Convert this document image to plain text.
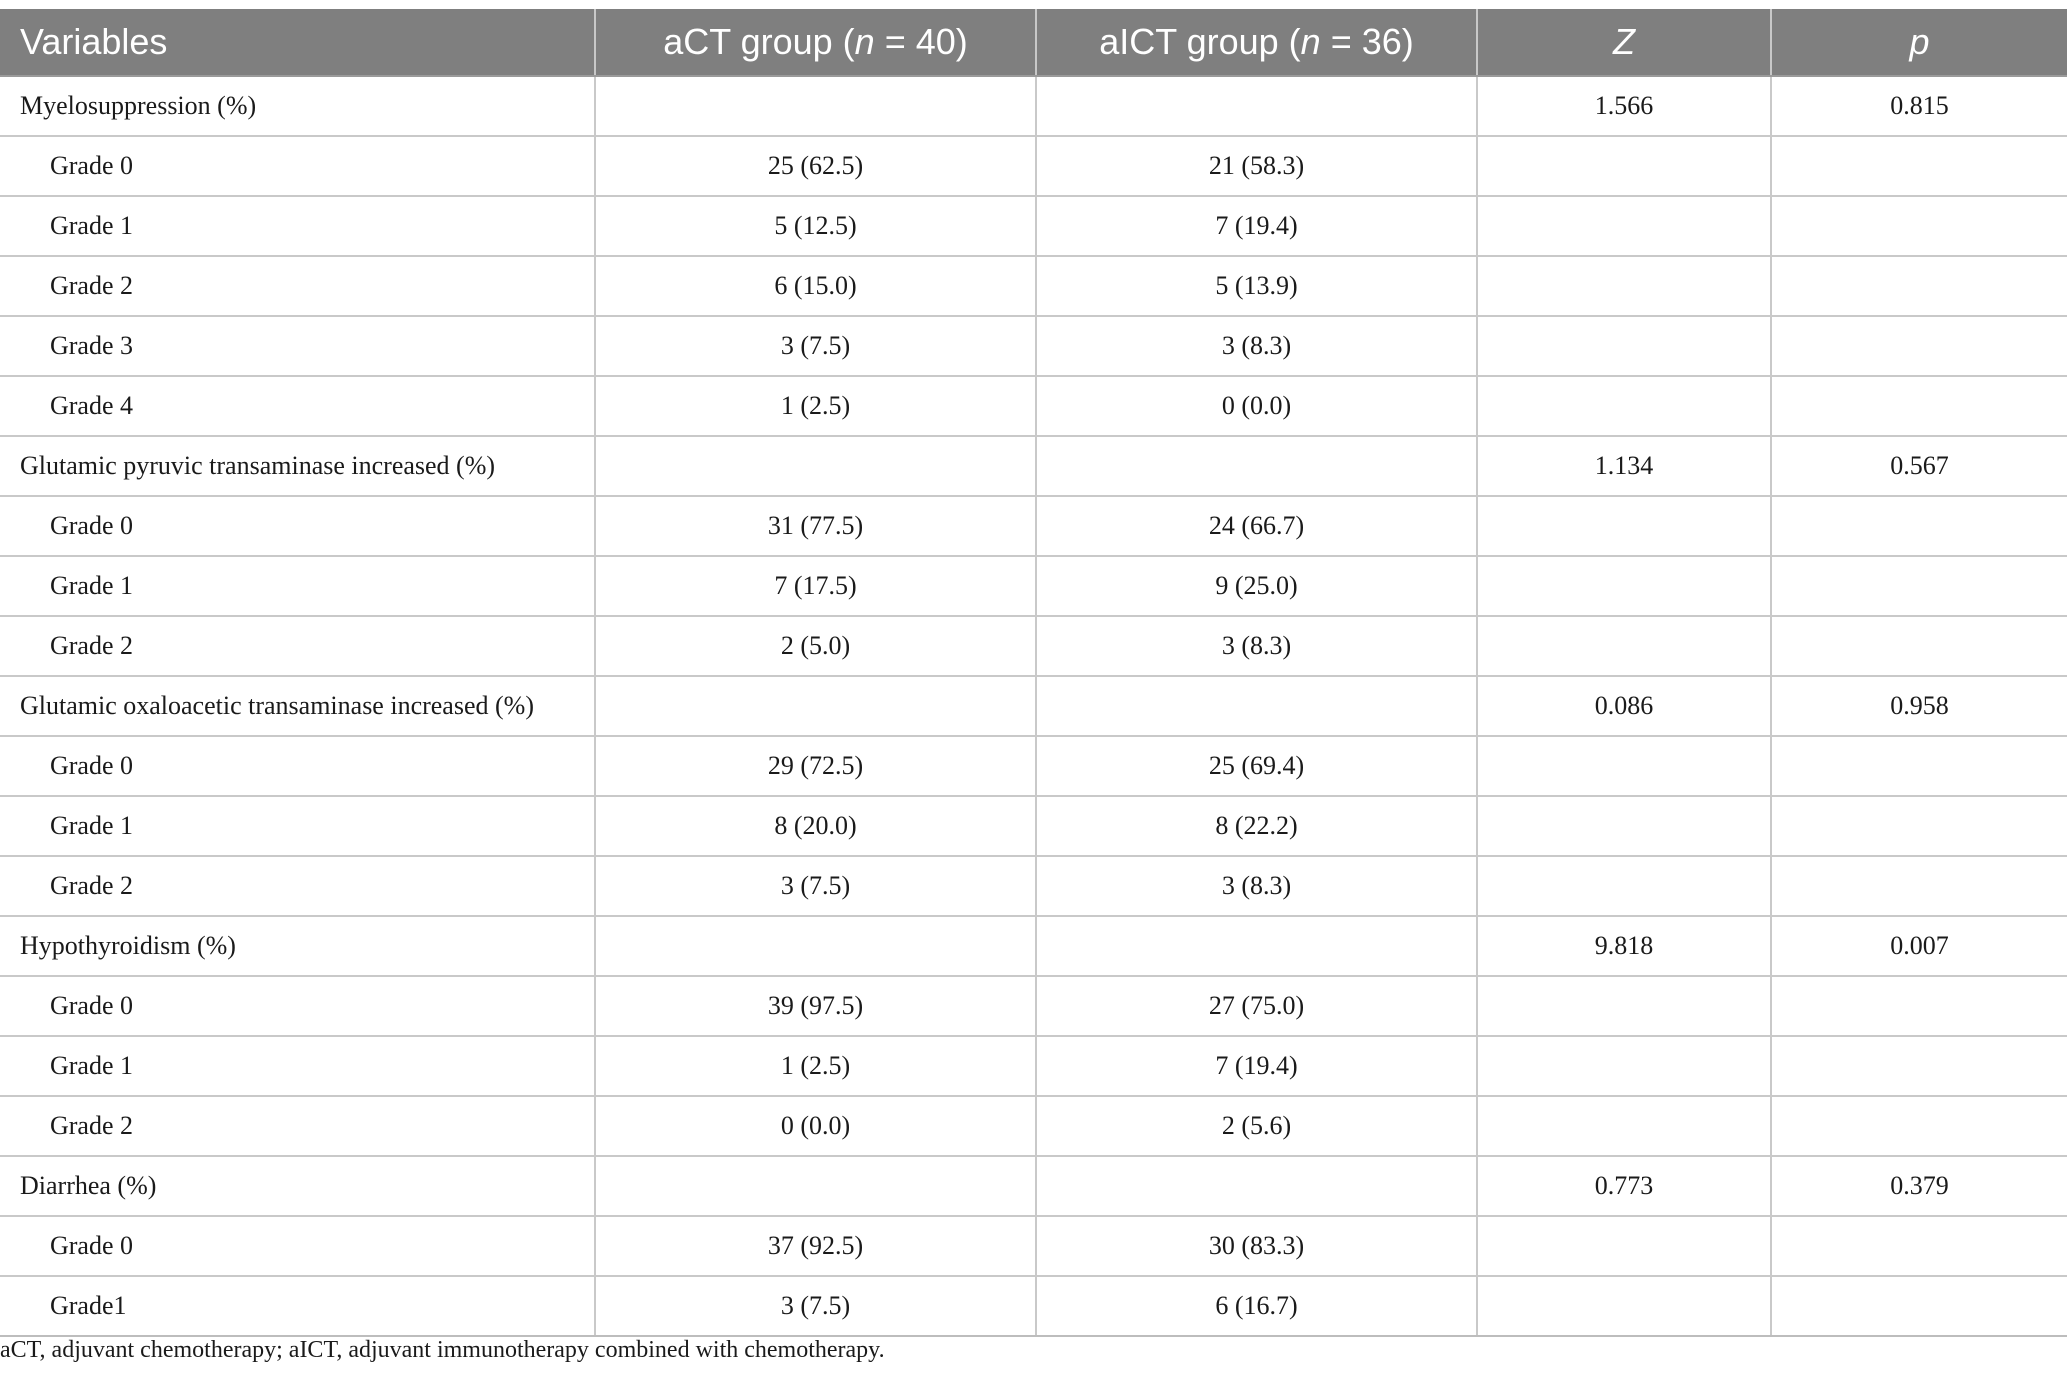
Variables	aCT group (n = 40)	aICT group (n = 36)	Z	p
Myelosuppression (%)			1.566	0.815
Grade 0	25 (62.5)	21 (58.3)		
Grade 1	5 (12.5)	7 (19.4)		
Grade 2	6 (15.0)	5 (13.9)		
Grade 3	3 (7.5)	3 (8.3)		
Grade 4	1 (2.5)	0 (0.0)		
Glutamic pyruvic transaminase increased (%)			1.134	0.567
Grade 0	31 (77.5)	24 (66.7)		
Grade 1	7 (17.5)	9 (25.0)		
Grade 2	2 (5.0)	3 (8.3)		
Glutamic oxaloacetic transaminase increased (%)			0.086	0.958
Grade 0	29 (72.5)	25 (69.4)		
Grade 1	8 (20.0)	8 (22.2)		
Grade 2	3 (7.5)	3 (8.3)		
Hypothyroidism (%)			9.818	0.007
Grade 0	39 (97.5)	27 (75.0)		
Grade 1	1 (2.5)	7 (19.4)		
Grade 2	0 (0.0)	2 (5.6)		
Diarrhea (%)			0.773	0.379
Grade 0	37 (92.5)	30 (83.3)		
Grade1	3 (7.5)	6 (16.7)		
aCT, adjuvant chemotherapy; aICT, adjuvant immunotherapy combined with chemotherapy.
